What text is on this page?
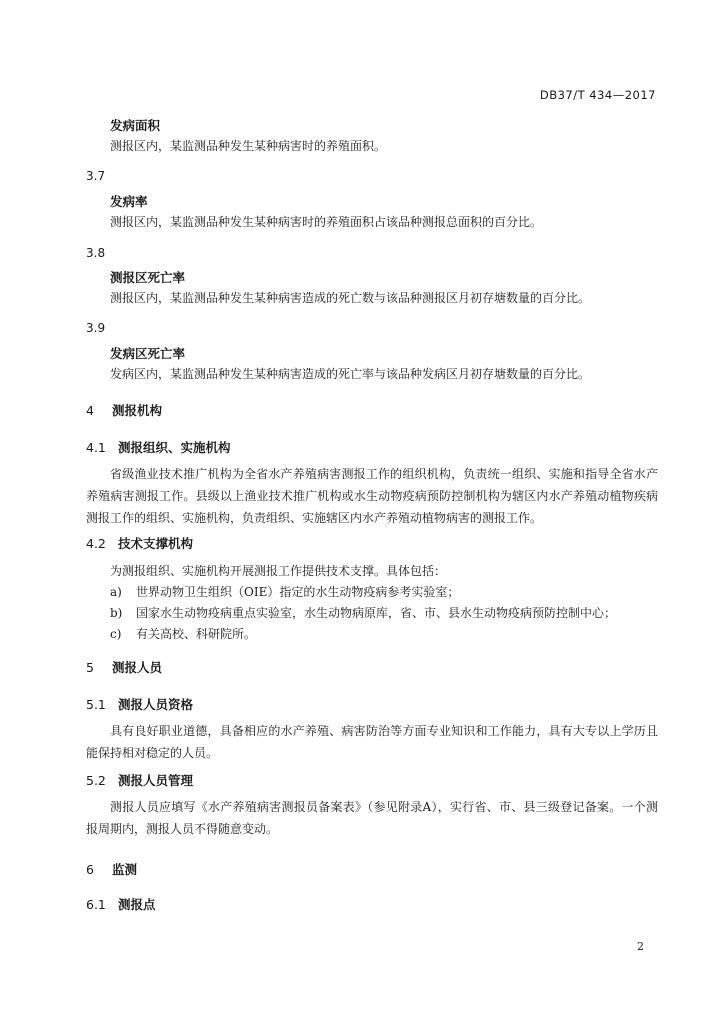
DB37/T 434—2017
发病面积
测报区内，某监测品种发生某种病害时的养殖面积。
3.7
发病率
测报区内，某监测品种发生某种病害时的养殖面积占该品种测报总面积的百分比。
3.8
测报区死亡率
测报区内，某监测品种发生某种病害造成的死亡数与该品种测报区月初存塘数量的百分比。
3.9
发病区死亡率
发病区内，某监测品种发生某种病害造成的死亡率与该品种发病区月初存塘数量的百分比。
4 测报机构
4.1 测报组织、实施机构
省级渔业技术推广机构为全省水产养殖病害测报工作的组织机构，负责统一组织、实施和指导全省水产养殖病害测报工作。县级以上渔业技术推广机构或水生动物疫病预防控制机构为辖区内水产养殖动植物疾病测报工作的组织、实施机构，负责组织、实施辖区内水产养殖动植物病害的测报工作。
4.2 技术支撑机构
为测报组织、实施机构开展测报工作提供技术支撑。具体包括：
a) 世界动物卫生组织（OIE）指定的水生动物疫病参考实验室；
b) 国家水生动物疫病重点实验室，水生动物病原库，省、市、县水生动物疫病预防控制中心；
c) 有关高校、科研院所。
5 测报人员
5.1 测报人员资格
具有良好职业道德，具备相应的水产养殖、病害防治等方面专业知识和工作能力，具有大专以上学历且能保持相对稳定的人员。
5.2 测报人员管理
测报人员应填写《水产养殖病害测报员备案表》（参见附录A），实行省、市、县三级登记备案。一个测报周期内，测报人员不得随意变动。
6 监测
6.1 测报点
2
